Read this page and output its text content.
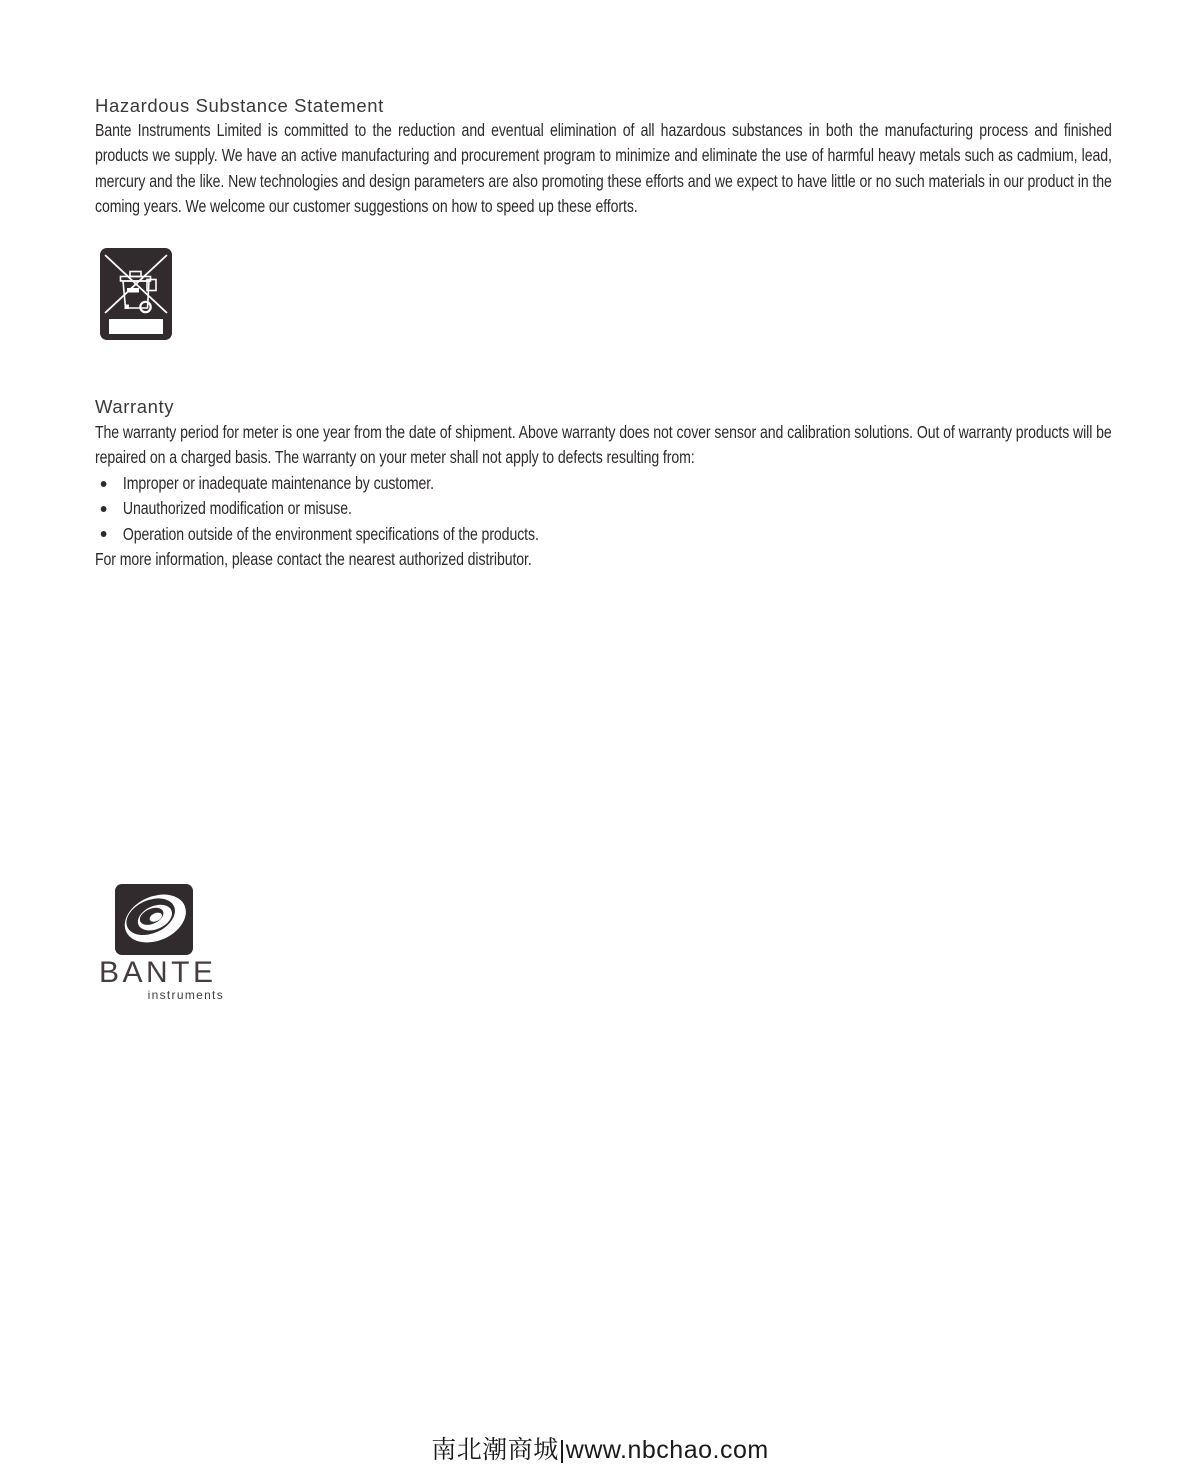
Hazardous Substance Statement

Bante Instruments Limited is committed to the reduction and eventual elimination of all hazardous substances in both the manufacturing process and finished products we supply. We have an active manufacturing and procurement program to minimize and eliminate the use of harmful heavy metals such as cadmium, lead, mercury and the like. New technologies and design parameters are also promoting these efforts and we expect to have little or no such materials in our product in the coming years. We welcome our customer suggestions on how to speed up these efforts.

Warranty

The warranty period for meter is one year from the date of shipment. Above warranty does not cover sensor and calibration solutions. Out of warranty products will be repaired on a charged basis. The warranty on your meter shall not apply to defects resulting from:

Improper or inadequate maintenance by customer.
Unauthorized modification or misuse.
Operation outside of the environment specifications of the products.

For more information, please contact the nearest authorized distributor.

BANTE
instruments
南北潮商城|www.nbchao.com
